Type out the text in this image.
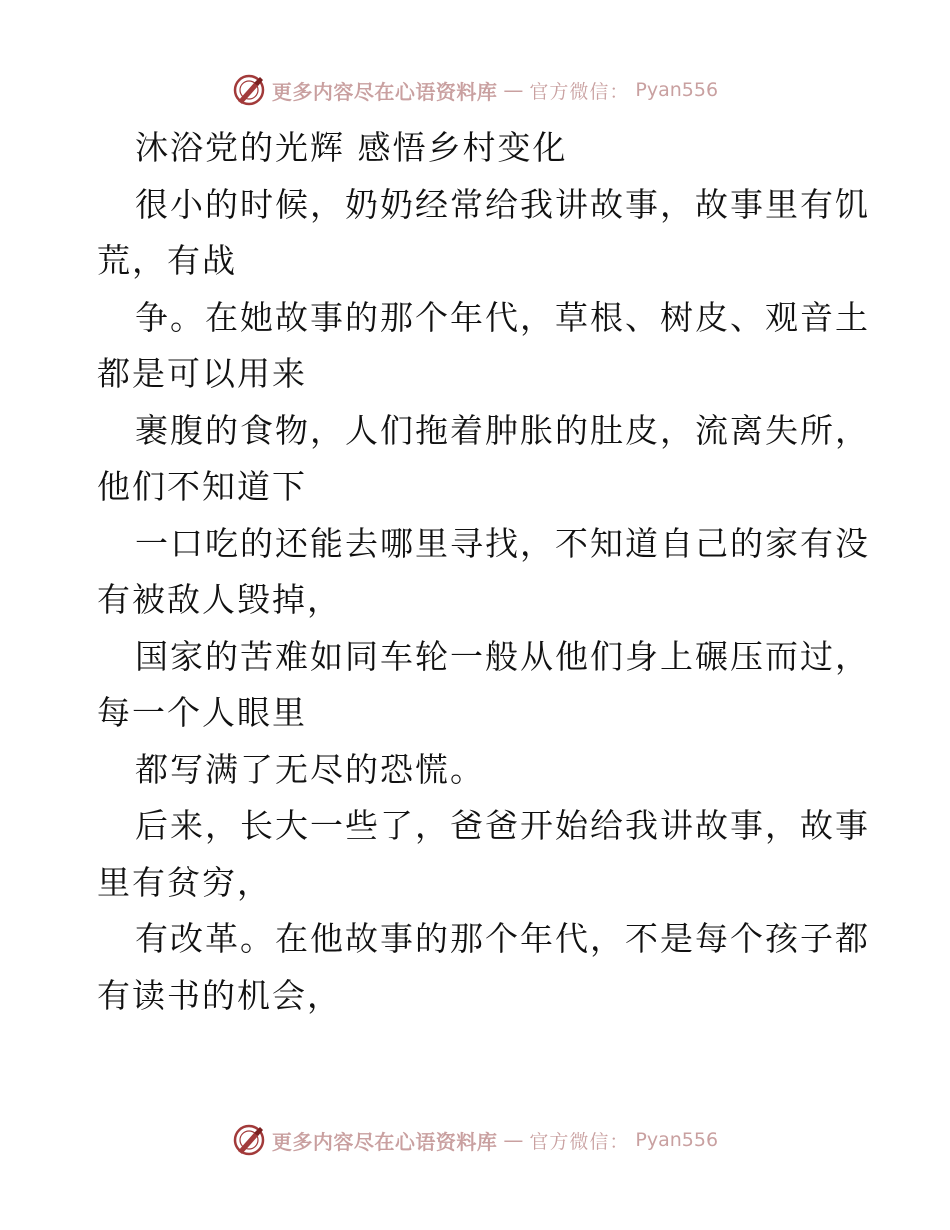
更多内容尽在心语资料库 — 官方微信： Pyan556
沐浴党的光辉 感悟乡村变化
很小的时候，奶奶经常给我讲故事，故事里有饥
荒，有战
争。在她故事的那个年代，草根、树皮、观音土
都是可以用来
裹腹的食物，人们拖着肿胀的肚皮，流离失所，
他们不知道下
一口吃的还能去哪里寻找，不知道自己的家有没
有被敌人毁掉，
国家的苦难如同车轮一般从他们身上碾压而过，
每一个人眼里
都写满了无尽的恐慌。
后来，长大一些了，爸爸开始给我讲故事，故事
里有贫穷，
有改革。在他故事的那个年代，不是每个孩子都
有读书的机会，
更多内容尽在心语资料库 — 官方微信： Pyan556
